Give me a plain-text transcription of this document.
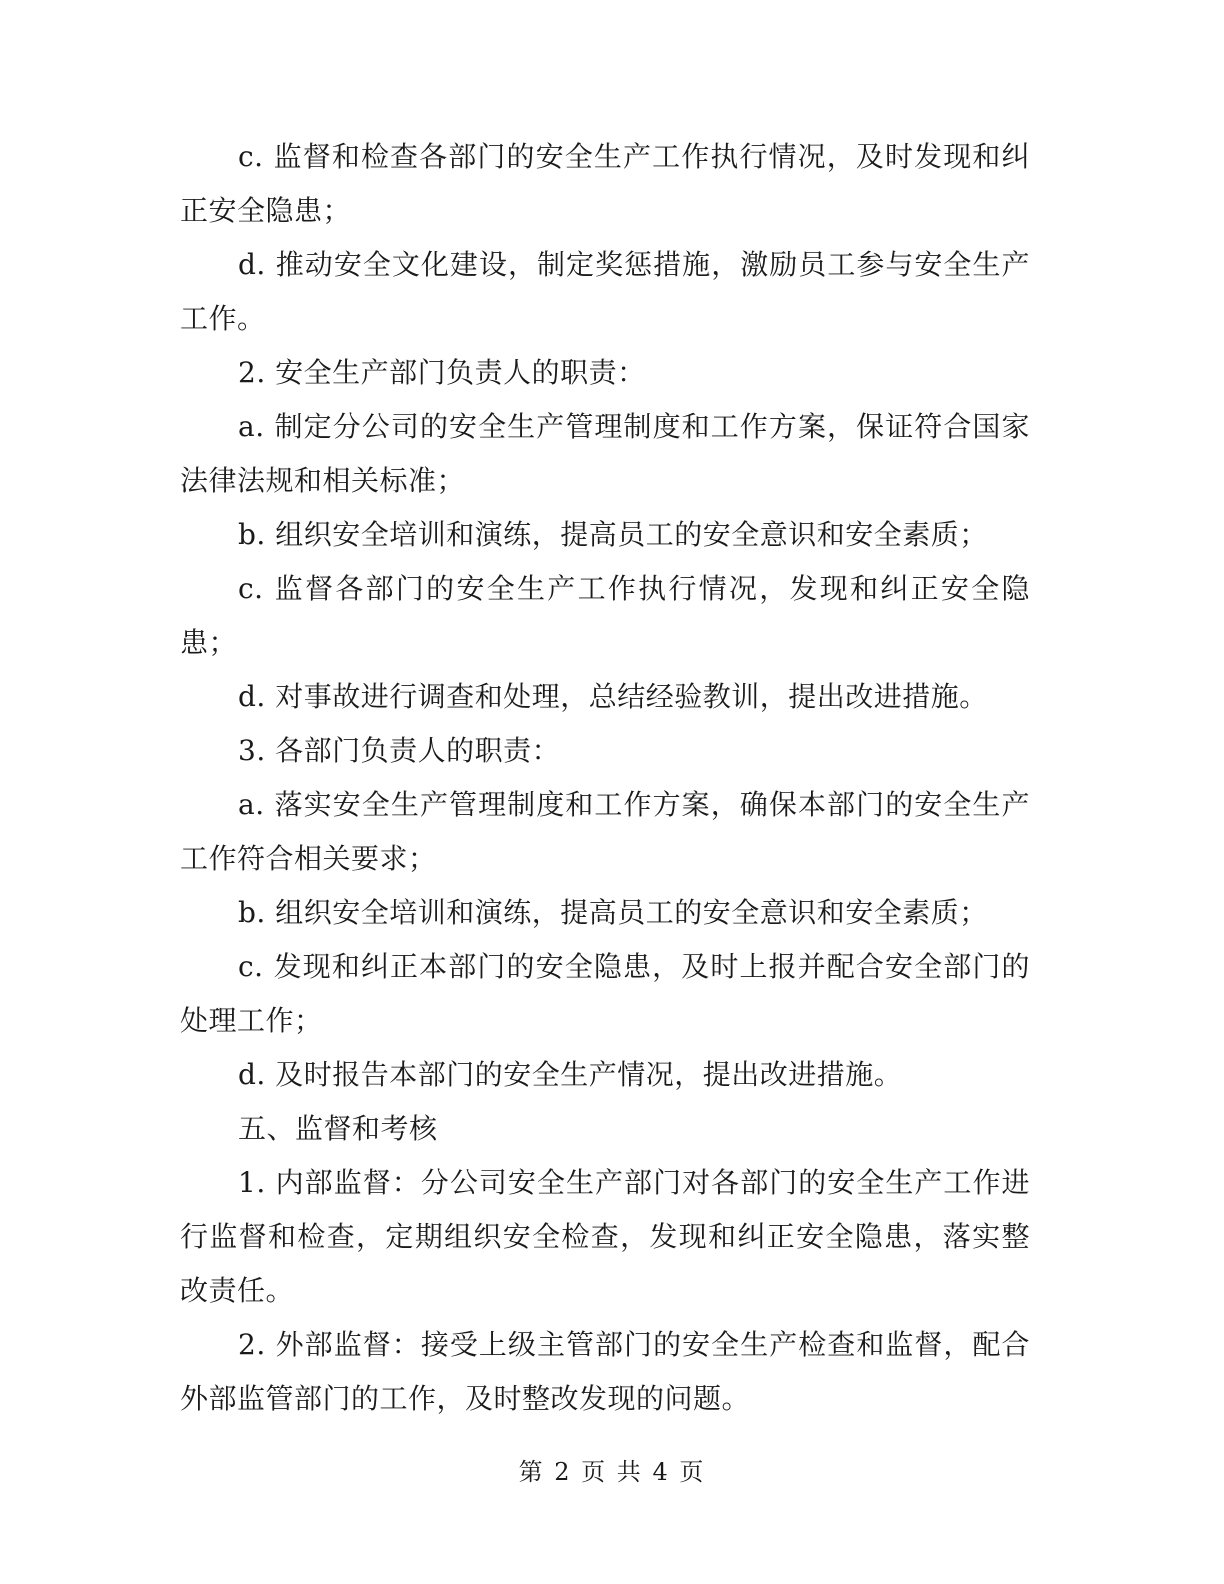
c. 监督和检查各部门的安全生产工作执行情况，及时发现和纠正安全隐患；

d. 推动安全文化建设，制定奖惩措施，激励员工参与安全生产工作。

2. 安全生产部门负责人的职责：

a. 制定分公司的安全生产管理制度和工作方案，保证符合国家法律法规和相关标准；

b. 组织安全培训和演练，提高员工的安全意识和安全素质；

c. 监督各部门的安全生产工作执行情况，发现和纠正安全隐患；

d. 对事故进行调查和处理，总结经验教训，提出改进措施。

3. 各部门负责人的职责：

a. 落实安全生产管理制度和工作方案，确保本部门的安全生产工作符合相关要求；

b. 组织安全培训和演练，提高员工的安全意识和安全素质；

c. 发现和纠正本部门的安全隐患，及时上报并配合安全部门的处理工作；

d. 及时报告本部门的安全生产情况，提出改进措施。

五、监督和考核

1. 内部监督：分公司安全生产部门对各部门的安全生产工作进行监督和检查，定期组织安全检查，发现和纠正安全隐患，落实整改责任。

2. 外部监督：接受上级主管部门的安全生产检查和监督，配合外部监管部门的工作，及时整改发现的问题。

第 2 页 共 4 页
